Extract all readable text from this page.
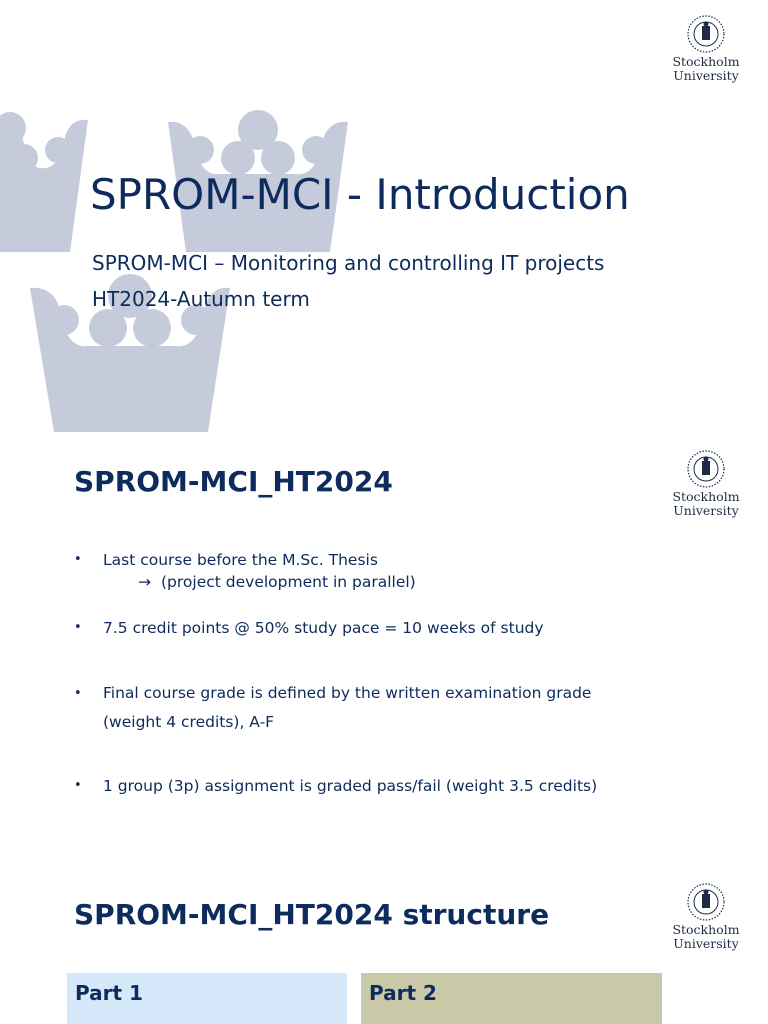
Stockholm
University
SPROM-MCI - Introduction

SPROM-MCI – Monitoring and controlling IT projects

HT2024-Autumn term

Stockholm
University
SPROM-MCI_HT2024
• Last course before the M.Sc. Thesis
→ (project development in parallel)
• 7.5 credit points @ 50% study pace = 10 weeks of study
• Final course grade is defined by the written examination grade
(weight 4 credits), A-F
• 1 group (3p) assignment is graded pass/fail (weight 3.5 credits)
Stockholm
University
SPROM-MCI_HT2024 structure

Part 1	Part 2
